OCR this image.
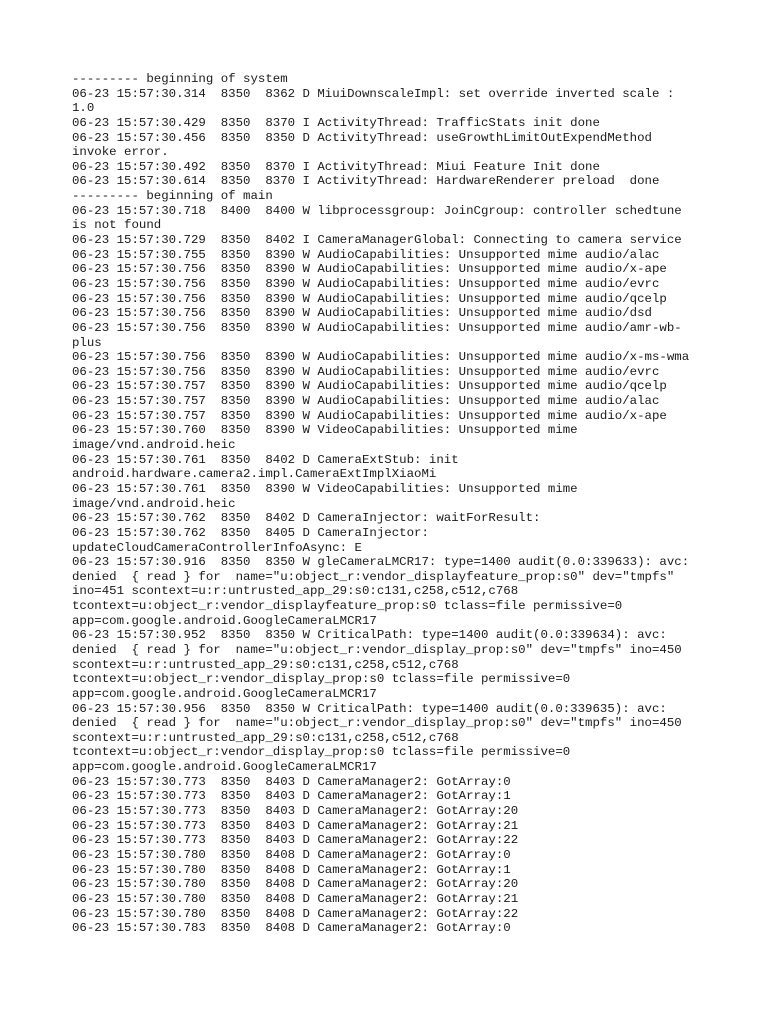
--------- beginning of system
06-23 15:57:30.314  8350  8362 D MiuiDownscaleImpl: set override inverted scale :
1.0
06-23 15:57:30.429  8350  8370 I ActivityThread: TrafficStats init done
06-23 15:57:30.456  8350  8350 D ActivityThread: useGrowthLimitOutExpendMethod
invoke error.
06-23 15:57:30.492  8350  8370 I ActivityThread: Miui Feature Init done
06-23 15:57:30.614  8350  8370 I ActivityThread: HardwareRenderer preload  done
--------- beginning of main
06-23 15:57:30.718  8400  8400 W libprocessgroup: JoinCgroup: controller schedtune
is not found
06-23 15:57:30.729  8350  8402 I CameraManagerGlobal: Connecting to camera service
06-23 15:57:30.755  8350  8390 W AudioCapabilities: Unsupported mime audio/alac
06-23 15:57:30.756  8350  8390 W AudioCapabilities: Unsupported mime audio/x-ape
06-23 15:57:30.756  8350  8390 W AudioCapabilities: Unsupported mime audio/evrc
06-23 15:57:30.756  8350  8390 W AudioCapabilities: Unsupported mime audio/qcelp
06-23 15:57:30.756  8350  8390 W AudioCapabilities: Unsupported mime audio/dsd
06-23 15:57:30.756  8350  8390 W AudioCapabilities: Unsupported mime audio/amr-wb-
plus
06-23 15:57:30.756  8350  8390 W AudioCapabilities: Unsupported mime audio/x-ms-wma
06-23 15:57:30.756  8350  8390 W AudioCapabilities: Unsupported mime audio/evrc
06-23 15:57:30.757  8350  8390 W AudioCapabilities: Unsupported mime audio/qcelp
06-23 15:57:30.757  8350  8390 W AudioCapabilities: Unsupported mime audio/alac
06-23 15:57:30.757  8350  8390 W AudioCapabilities: Unsupported mime audio/x-ape
06-23 15:57:30.760  8350  8390 W VideoCapabilities: Unsupported mime
image/vnd.android.heic
06-23 15:57:30.761  8350  8402 D CameraExtStub: init
android.hardware.camera2.impl.CameraExtImplXiaoMi
06-23 15:57:30.761  8350  8390 W VideoCapabilities: Unsupported mime
image/vnd.android.heic
06-23 15:57:30.762  8350  8402 D CameraInjector: waitForResult:
06-23 15:57:30.762  8350  8405 D CameraInjector:
updateCloudCameraControllerInfoAsync: E
06-23 15:57:30.916  8350  8350 W gleCameraLMCR17: type=1400 audit(0.0:339633): avc:
denied  { read } for  name="u:object_r:vendor_displayfeature_prop:s0" dev="tmpfs"
ino=451 scontext=u:r:untrusted_app_29:s0:c131,c258,c512,c768
tcontext=u:object_r:vendor_displayfeature_prop:s0 tclass=file permissive=0
app=com.google.android.GoogleCameraLMCR17
06-23 15:57:30.952  8350  8350 W CriticalPath: type=1400 audit(0.0:339634): avc:
denied  { read } for  name="u:object_r:vendor_display_prop:s0" dev="tmpfs" ino=450
scontext=u:r:untrusted_app_29:s0:c131,c258,c512,c768
tcontext=u:object_r:vendor_display_prop:s0 tclass=file permissive=0
app=com.google.android.GoogleCameraLMCR17
06-23 15:57:30.956  8350  8350 W CriticalPath: type=1400 audit(0.0:339635): avc:
denied  { read } for  name="u:object_r:vendor_display_prop:s0" dev="tmpfs" ino=450
scontext=u:r:untrusted_app_29:s0:c131,c258,c512,c768
tcontext=u:object_r:vendor_display_prop:s0 tclass=file permissive=0
app=com.google.android.GoogleCameraLMCR17
06-23 15:57:30.773  8350  8403 D CameraManager2: GotArray:0
06-23 15:57:30.773  8350  8403 D CameraManager2: GotArray:1
06-23 15:57:30.773  8350  8403 D CameraManager2: GotArray:20
06-23 15:57:30.773  8350  8403 D CameraManager2: GotArray:21
06-23 15:57:30.773  8350  8403 D CameraManager2: GotArray:22
06-23 15:57:30.780  8350  8408 D CameraManager2: GotArray:0
06-23 15:57:30.780  8350  8408 D CameraManager2: GotArray:1
06-23 15:57:30.780  8350  8408 D CameraManager2: GotArray:20
06-23 15:57:30.780  8350  8408 D CameraManager2: GotArray:21
06-23 15:57:30.780  8350  8408 D CameraManager2: GotArray:22
06-23 15:57:30.783  8350  8408 D CameraManager2: GotArray:0
